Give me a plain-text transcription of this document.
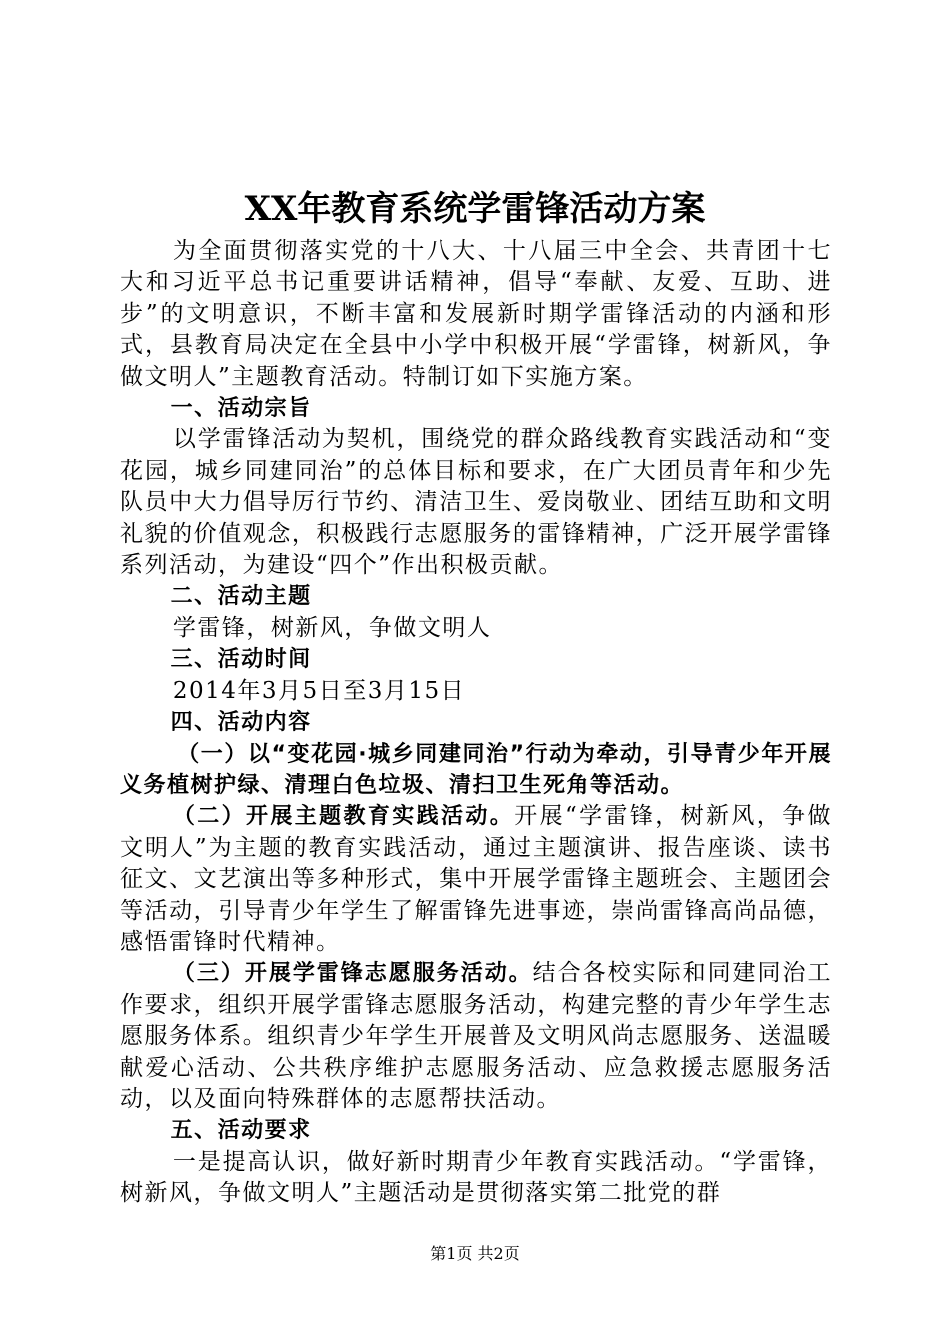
XX年教育系统学雷锋活动方案

为全面贯彻落实党的十八大、十八届三中全会、共青团十七大和习近平总书记重要讲话精神，倡导“奉献、友爱、互助、进步”的文明意识，不断丰富和发展新时期学雷锋活动的内涵和形式，县教育局决定在全县中小学中积极开展“学雷锋，树新风，争做文明人”主题教育活动。特制订如下实施方案。

一、活动宗旨

以学雷锋活动为契机，围绕党的群众路线教育实践活动和“变花园，城乡同建同治”的总体目标和要求，在广大团员青年和少先队员中大力倡导厉行节约、清洁卫生、爱岗敬业、团结互助和文明礼貌的价值观念，积极践行志愿服务的雷锋精神，广泛开展学雷锋系列活动，为建设“四个”作出积极贡献。

二、活动主题

学雷锋，树新风，争做文明人

三、活动时间

2014年3月5日至3月15日

四、活动内容

（一）以“变花园·城乡同建同治”行动为牵动，引导青少年开展义务植树护绿、清理白色垃圾、清扫卫生死角等活动。

（二）开展主题教育实践活动。开展“学雷锋，树新风，争做文明人”为主题的教育实践活动，通过主题演讲、报告座谈、读书征文、文艺演出等多种形式，集中开展学雷锋主题班会、主题团会等活动，引导青少年学生了解雷锋先进事迹，崇尚雷锋高尚品德，感悟雷锋时代精神。

（三）开展学雷锋志愿服务活动。结合各校实际和同建同治工作要求，组织开展学雷锋志愿服务活动，构建完整的青少年学生志愿服务体系。组织青少年学生开展普及文明风尚志愿服务、送温暖献爱心活动、公共秩序维护志愿服务活动、应急救援志愿服务活动，以及面向特殊群体的志愿帮扶活动。

五、活动要求

一是提高认识，做好新时期青少年教育实践活动。“学雷锋，树新风，争做文明人”主题活动是贯彻落实第二批党的群

第1页 共2页
